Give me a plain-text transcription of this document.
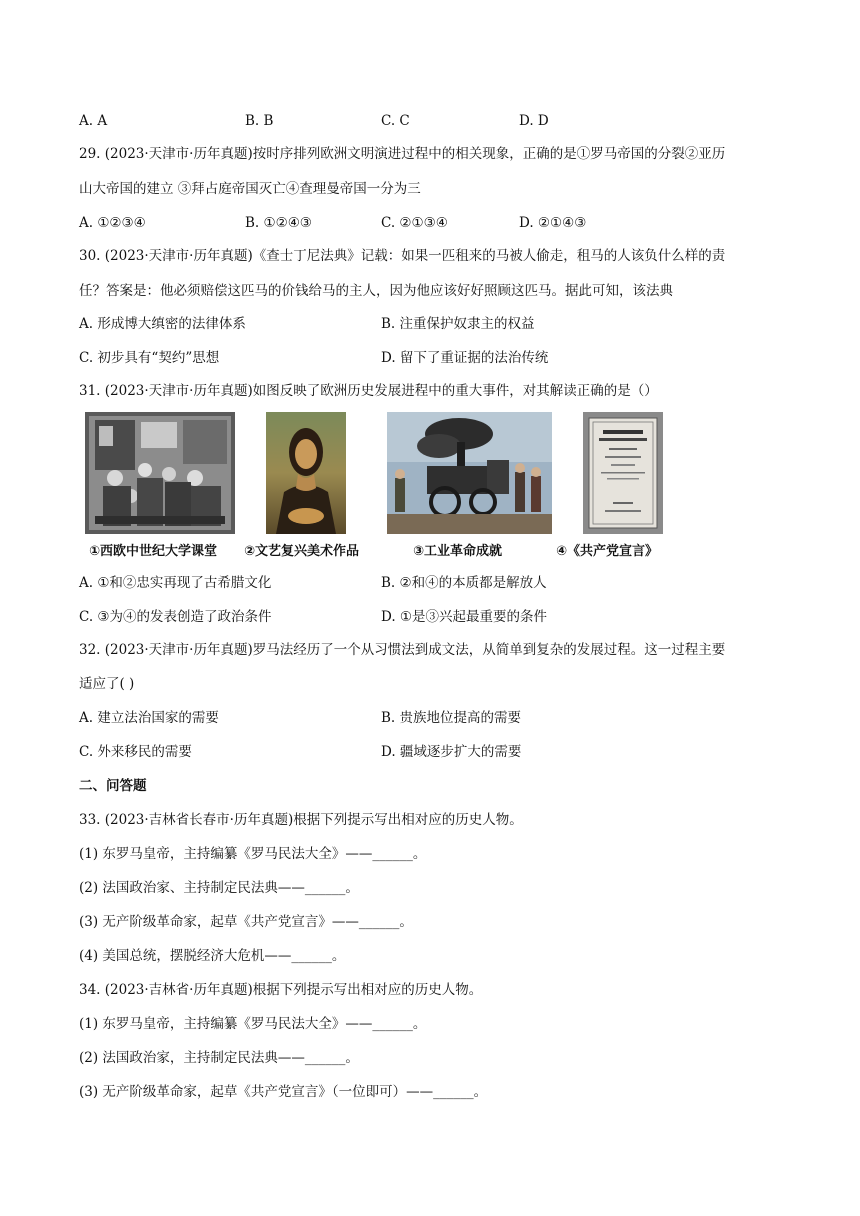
A. A	B. B	C. C	D. D
29. (2023·天津市·历年真题)按时序排列欧洲文明演进过程中的相关现象，正确的是①罗马帝国的分裂②亚历
山大帝国的建立 ③拜占庭帝国灭亡④查理曼帝国一分为三
A. ①②③④	B. ①②④③	C. ②①③④	D. ②①④③
30. (2023·天津市·历年真题)《查士丁尼法典》记载：如果一匹租来的马被人偷走，租马的人该负什么样的责
任？答案是：他必须赔偿这匹马的价钱给马的主人，因为他应该好好照顾这匹马。据此可知，该法典
A. 形成博大缜密的法律体系	B. 注重保护奴隶主的权益
C. 初步具有“契约”思想	D. 留下了重证据的法治传统
31. (2023·天津市·历年真题)如图反映了欧洲历史发展进程中的重大事件，对其解读正确的是（）
①西欧中世纪大学课堂 ②文艺复兴美术作品	③工业革命成就	④《共产党宣言》
A. ①和②忠实再现了古希腊文化	B. ②和④的本质都是解放人
C. ③为④的发表创造了政治条件	D. ①是③兴起最重要的条件
32. (2023·天津市·历年真题)罗马法经历了一个从习惯法到成文法，从简单到复杂的发展过程。这一过程主要
适应了( )
A. 建立法治国家的需要	B. 贵族地位提高的需要
C. 外来移民的需要	D. 疆域逐步扩大的需要
二、问答题
33. (2023·吉林省长春市·历年真题)根据下列提示写出相对应的历史人物。
(1) 东罗马皇帝，主持编纂《罗马民法大全》——______。
(2) 法国政治家、主持制定民法典——______。
(3) 无产阶级革命家，起草《共产党宣言》——______。
(4) 美国总统，摆脱经济大危机——______。
34. (2023·吉林省·历年真题)根据下列提示写出相对应的历史人物。
(1) 东罗马皇帝，主持编纂《罗马民法大全》——______。
(2) 法国政治家，主持制定民法典——______。
(3) 无产阶级革命家，起草《共产党宣言》（一位即可）——______。
